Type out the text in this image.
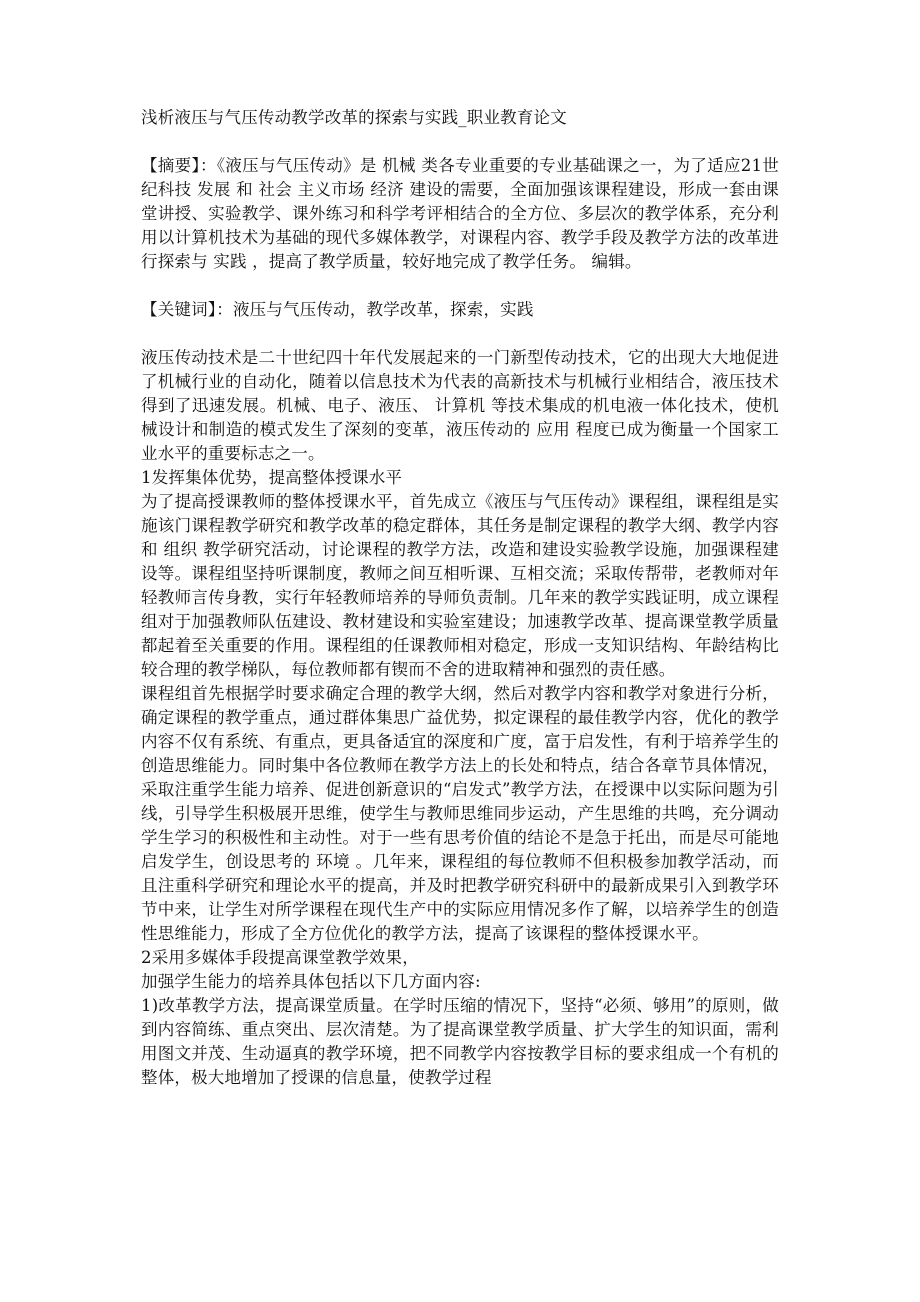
浅析液压与气压传动教学改革的探索与实践_职业教育论文

【摘要】：《液压与气压传动》是 机械 类各专业重要的专业基础课之一，为了适应21世纪科技 发展 和 社会 主义市场 经济 建设的需要，全面加强该课程建设，形成一套由课堂讲授、实验教学、课外练习和科学考评相结合的全方位、多层次的教学体系，充分利用以计算机技术为基础的现代多媒体教学，对课程内容、教学手段及教学方法的改革进行探索与 实践 ，提高了教学质量，较好地完成了教学任务。 编辑。

【关键词】：液压与气压传动，教学改革，探索，实践

液压传动技术是二十世纪四十年代发展起来的一门新型传动技术，它的出现大大地促进了机械行业的自动化，随着以信息技术为代表的高新技术与机械行业相结合，液压技术得到了迅速发展。机械、电子、液压、 计算机 等技术集成的机电液一体化技术，使机械设计和制造的模式发生了深刻的变革，液压传动的 应用 程度已成为衡量一个国家工业水平的重要标志之一。

1发挥集体优势，提高整体授课水平

为了提高授课教师的整体授课水平，首先成立《液压与气压传动》课程组，课程组是实施该门课程教学研究和教学改革的稳定群体，其任务是制定课程的教学大纲、教学内容和 组织 教学研究活动，讨论课程的教学方法，改造和建设实验教学设施，加强课程建设等。课程组坚持听课制度，教师之间互相听课、互相交流；采取传帮带，老教师对年轻教师言传身教，实行年轻教师培养的导师负责制。几年来的教学实践证明，成立课程组对于加强教师队伍建设、教材建设和实验室建设；加速教学改革、提高课堂教学质量都起着至关重要的作用。课程组的任课教师相对稳定，形成一支知识结构、年龄结构比较合理的教学梯队，每位教师都有锲而不舍的进取精神和强烈的责任感。

课程组首先根据学时要求确定合理的教学大纲，然后对教学内容和教学对象进行分析，确定课程的教学重点，通过群体集思广益优势，拟定课程的最佳教学内容，优化的教学内容不仅有系统、有重点，更具备适宜的深度和广度，富于启发性，有利于培养学生的创造思维能力。同时集中各位教师在教学方法上的长处和特点，结合各章节具体情况，采取注重学生能力培养、促进创新意识的“启发式”教学方法，在授课中以实际问题为引线，引导学生积极展开思维，使学生与教师思维同步运动，产生思维的共鸣，充分调动学生学习的积极性和主动性。对于一些有思考价值的结论不是急于托出，而是尽可能地启发学生，创设思考的 环境 。几年来，课程组的每位教师不但积极参加教学活动，而且注重科学研究和理论水平的提高，并及时把教学研究科研中的最新成果引入到教学环节中来，让学生对所学课程在现代生产中的实际应用情况多作了解，以培养学生的创造性思维能力，形成了全方位优化的教学方法，提高了该课程的整体授课水平。

2采用多媒体手段提高课堂教学效果，

加强学生能力的培养具体包括以下几方面内容:

1)改革教学方法，提高课堂质量。在学时压缩的情况下，坚持“必须、够用”的原则，做到内容简练、重点突出、层次清楚。为了提高课堂教学质量、扩大学生的知识面，需利用图文并茂、生动逼真的教学环境，把不同教学内容按教学目标的要求组成一个有机的整体，极大地增加了授课的信息量，使教学过程
